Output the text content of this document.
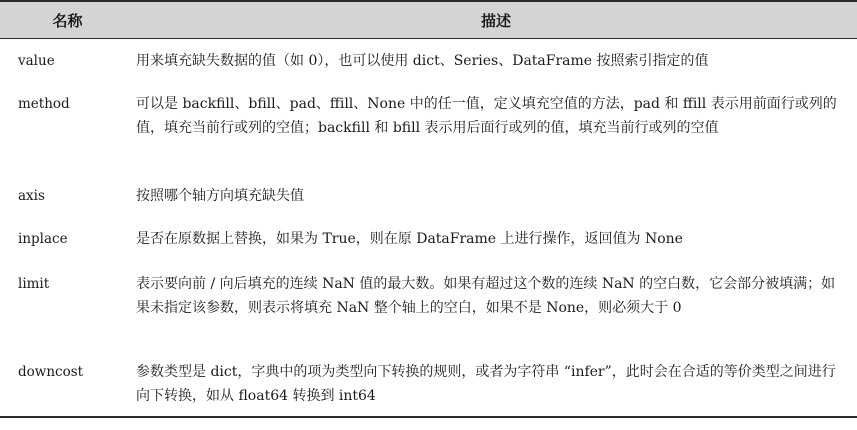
名称	描述
value	用来填充缺失数据的值（如 0），也可以使用 dict、Series、DataFrame 按照索引指定的值
method	可以是 backfill、bfill、pad、ffill、None 中的任一值，定义填充空值的方法，pad 和 ffill 表示用前面行或列的值，填充当前行或列的空值；backfill 和 bfill 表示用后面行或列的值，填充当前行或列的空值
axis	按照哪个轴方向填充缺失值
inplace	是否在原数据上替换，如果为 True，则在原 DataFrame 上进行操作，返回值为 None
limit	表示要向前 / 向后填充的连续 NaN 值的最大数。如果有超过这个数的连续 NaN 的空白数，它会部分被填满；如果未指定该参数，则表示将填充 NaN 整个轴上的空白，如果不是 None，则必须大于 0
downcost	参数类型是 dict，字典中的项为类型向下转换的规则，或者为字符串 “infer”，此时会在合适的等价类型之间进行向下转换，如从 float64 转换到 int64
